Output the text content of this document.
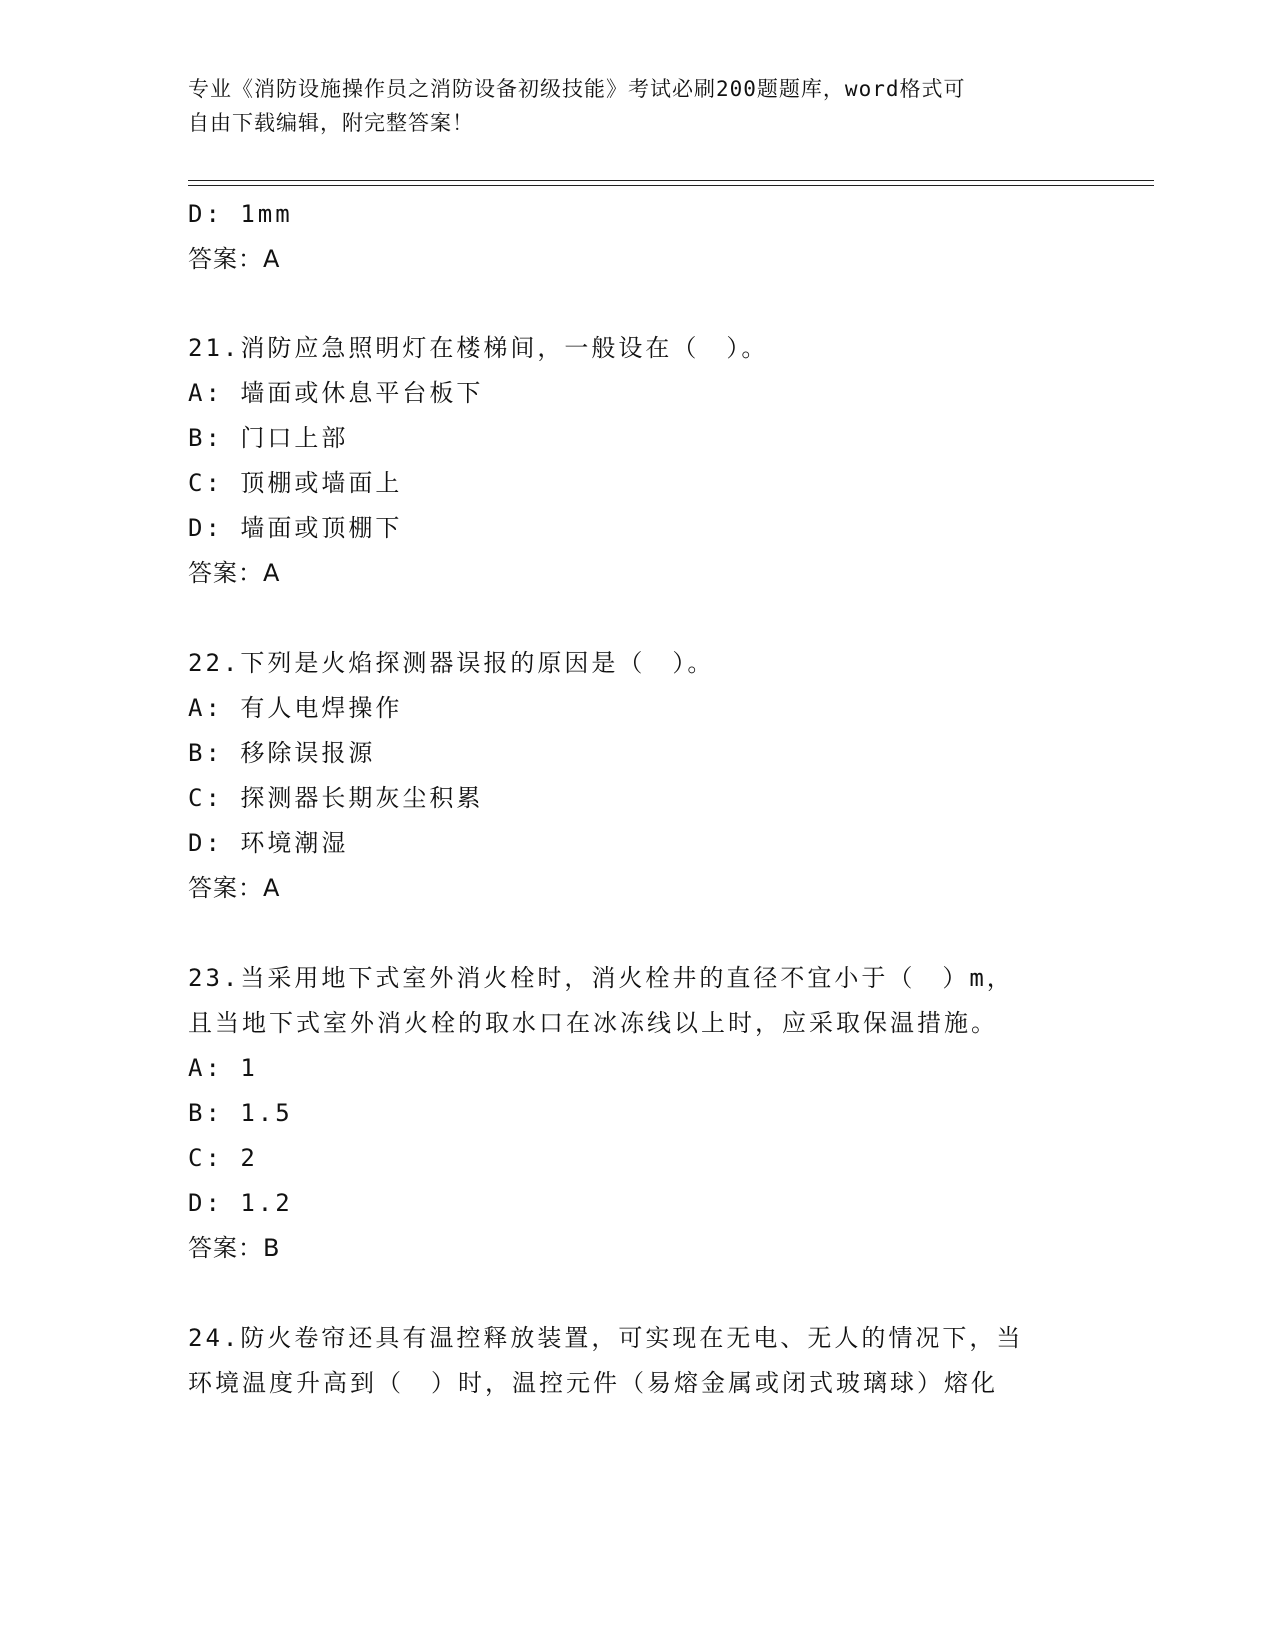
专业《消防设施操作员之消防设备初级技能》考试必刷200题题库，word格式可
自由下载编辑，附完整答案！
D: 1mm
答案：A
21.消防应急照明灯在楼梯间，一般设在（　）。
A: 墙面或休息平台板下
B: 门口上部
C: 顶棚或墙面上
D: 墙面或顶棚下
答案：A
22.下列是火焰探测器误报的原因是（　）。
A: 有人电焊操作
B: 移除误报源
C: 探测器长期灰尘积累
D: 环境潮湿
答案：A
23.当采用地下式室外消火栓时，消火栓井的直径不宜小于（　）m，
且当地下式室外消火栓的取水口在冰冻线以上时，应采取保温措施。
A: 1
B: 1.5
C: 2
D: 1.2
答案：B
24.防火卷帘还具有温控释放装置，可实现在无电、无人的情况下，当
环境温度升高到（　）时，温控元件（易熔金属或闭式玻璃球）熔化
